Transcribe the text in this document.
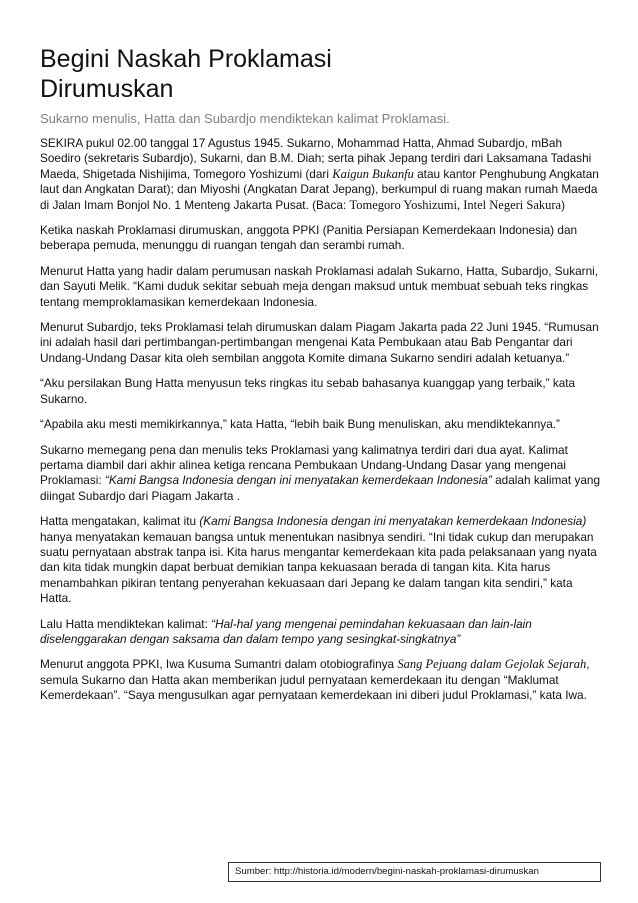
Begini Naskah Proklamasi Dirumuskan
Sukarno menulis, Hatta dan Subardjo mendiktekan kalimat Proklamasi.

SEKIRA pukul 02.00 tanggal 17 Agustus 1945. Sukarno, Mohammad Hatta, Ahmad Subardjo, mBah Soediro (sekretaris Subardjo), Sukarni, dan B.M. Diah; serta pihak Jepang terdiri dari Laksamana Tadashi Maeda, Shigetada Nishijima, Tomegoro Yoshizumi (dari Kaigun Bukanfu atau kantor Penghubung Angkatan laut dan Angkatan Darat); dan Miyoshi (Angkatan Darat Jepang), berkumpul di ruang makan rumah Maeda di Jalan Imam Bonjol No. 1 Menteng Jakarta Pusat. (Baca: Tomegoro Yoshizumi, Intel Negeri Sakura)

Ketika naskah Proklamasi dirumuskan, anggota PPKI (Panitia Persiapan Kemerdekaan Indonesia) dan beberapa pemuda, menunggu di ruangan tengah dan serambi rumah.

Menurut Hatta yang hadir dalam perumusan naskah Proklamasi adalah Sukarno, Hatta, Subardjo, Sukarni, dan Sayuti Melik. “Kami duduk sekitar sebuah meja dengan maksud untuk membuat sebuah teks ringkas tentang memproklamasikan kemerdekaan Indonesia.

Menurut Subardjo, teks Proklamasi telah dirumuskan dalam Piagam Jakarta pada 22 Juni 1945. “Rumusan ini adalah hasil dari pertimbangan-pertimbangan mengenai Kata Pembukaan atau Bab Pengantar dari Undang-Undang Dasar kita oleh sembilan anggota Komite dimana Sukarno sendiri adalah ketuanya.”

“Aku persilakan Bung Hatta menyusun teks ringkas itu sebab bahasanya kuanggap yang terbaik,” kata Sukarno.

“Apabila aku mesti memikirkannya,” kata Hatta, “lebih baik Bung menuliskan, aku mendiktekannya.”

Sukarno memegang pena dan menulis teks Proklamasi yang kalimatnya terdiri dari dua ayat. Kalimat pertama diambil dari akhir alinea ketiga rencana Pembukaan Undang-Undang Dasar yang mengenai Proklamasi: “Kami Bangsa Indonesia dengan ini menyatakan kemerdekaan Indonesia” adalah kalimat yang diingat Subardjo dari Piagam Jakarta .

Hatta mengatakan, kalimat itu (Kami Bangsa Indonesia dengan ini menyatakan kemerdekaan Indonesia) hanya menyatakan kemauan bangsa untuk menentukan nasibnya sendiri. “Ini tidak cukup dan merupakan suatu pernyataan abstrak tanpa isi. Kita harus mengantar kemerdekaan kita pada pelaksanaan yang nyata dan kita tidak mungkin dapat berbuat demikian tanpa kekuasaan berada di tangan kita. Kita harus menambahkan pikiran tentang penyerahan kekuasaan dari Jepang ke dalam tangan kita sendiri,” kata Hatta.

Lalu Hatta mendiktekan kalimat: “Hal-hal yang mengenai pemindahan kekuasaan dan lain-lain diselenggarakan dengan saksama dan dalam tempo yang sesingkat-singkatnya”

Menurut anggota PPKI, Iwa Kusuma Sumantri dalam otobiografinya Sang Pejuang dalam Gejolak Sejarah, semula Sukarno dan Hatta akan memberikan judul pernyataan kemerdekaan itu dengan “Maklumat Kemerdekaan”. “Saya mengusulkan agar pernyataan kemerdekaan ini diberi judul Proklamasi,” kata Iwa.

Sumber: http://historia.id/modern/begini-naskah-proklamasi-dirumuskan
